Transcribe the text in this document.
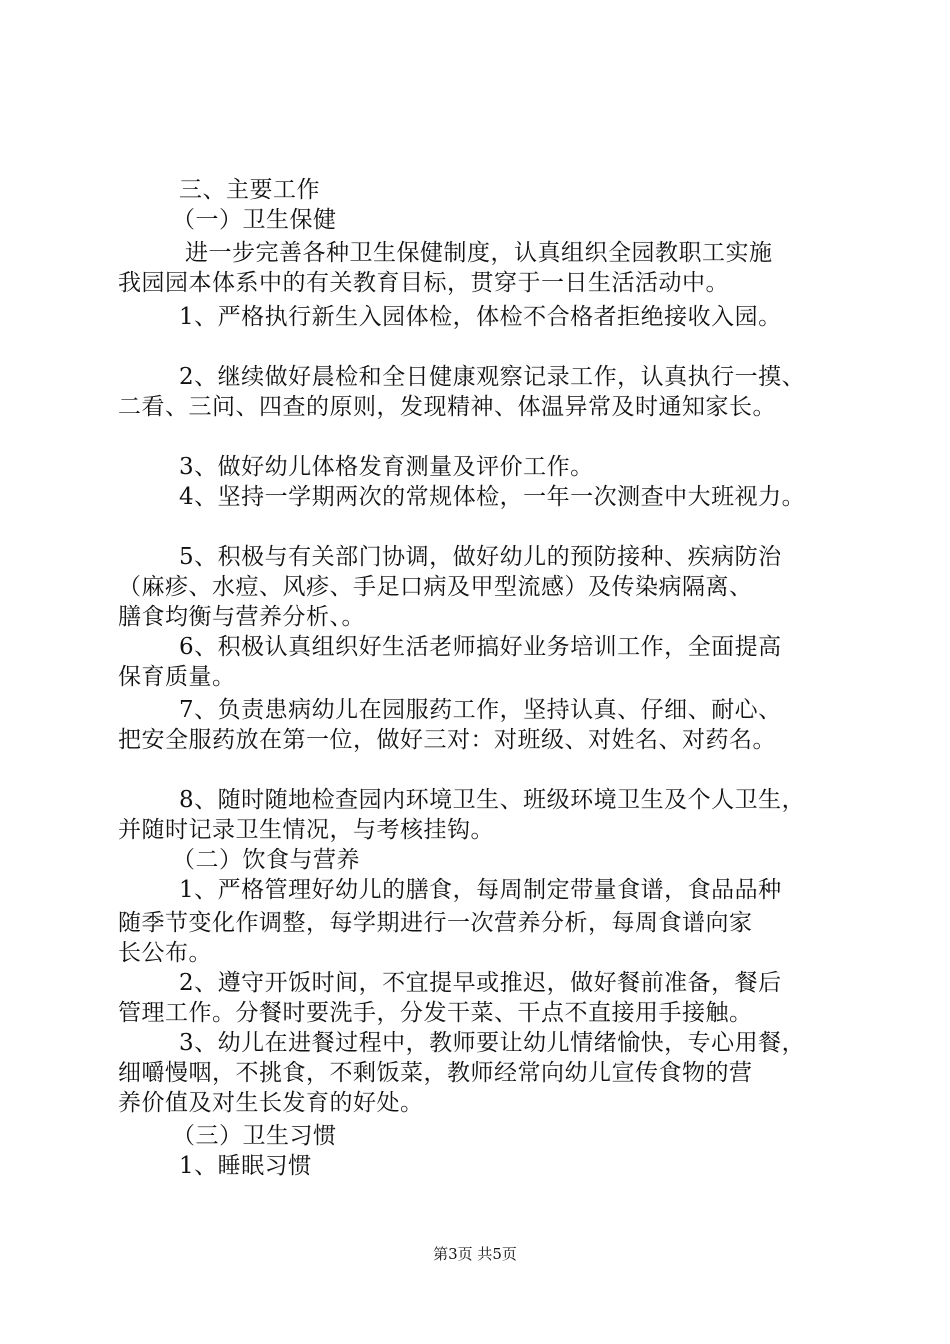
三、主要工作
（一）卫生保健
进一步完善各种卫生保健制度，认真组织全园教职工实施
我园园本体系中的有关教育目标，贯穿于一日生活活动中。
1、严格执行新生入园体检，体检不合格者拒绝接收入园。
2、继续做好晨检和全日健康观察记录工作，认真执行一摸、
二看、三问、四查的原则，发现精神、体温异常及时通知家长。
3、做好幼儿体格发育测量及评价工作。
4、坚持一学期两次的常规体检，一年一次测查中大班视力。
5、积极与有关部门协调，做好幼儿的预防接种、疾病防治
（麻疹、水痘、风疹、手足口病及甲型流感）及传染病隔离、
膳食均衡与营养分析、。
6、积极认真组织好生活老师搞好业务培训工作，全面提高
保育质量。
7、负责患病幼儿在园服药工作，坚持认真、仔细、耐心、
把安全服药放在第一位，做好三对：对班级、对姓名、对药名。
8、随时随地检查园内环境卫生、班级环境卫生及个人卫生，
并随时记录卫生情况，与考核挂钩。
（二）饮食与营养
1、严格管理好幼儿的膳食，每周制定带量食谱，食品品种
随季节变化作调整，每学期进行一次营养分析，每周食谱向家
长公布。
2、遵守开饭时间，不宜提早或推迟，做好餐前准备，餐后
管理工作。分餐时要洗手，分发干菜、干点不直接用手接触。
3、幼儿在进餐过程中，教师要让幼儿情绪愉快，专心用餐，
细嚼慢咽，不挑食，不剩饭菜，教师经常向幼儿宣传食物的营
养价值及对生长发育的好处。
（三）卫生习惯
1、睡眠习惯
第3页 共5页
